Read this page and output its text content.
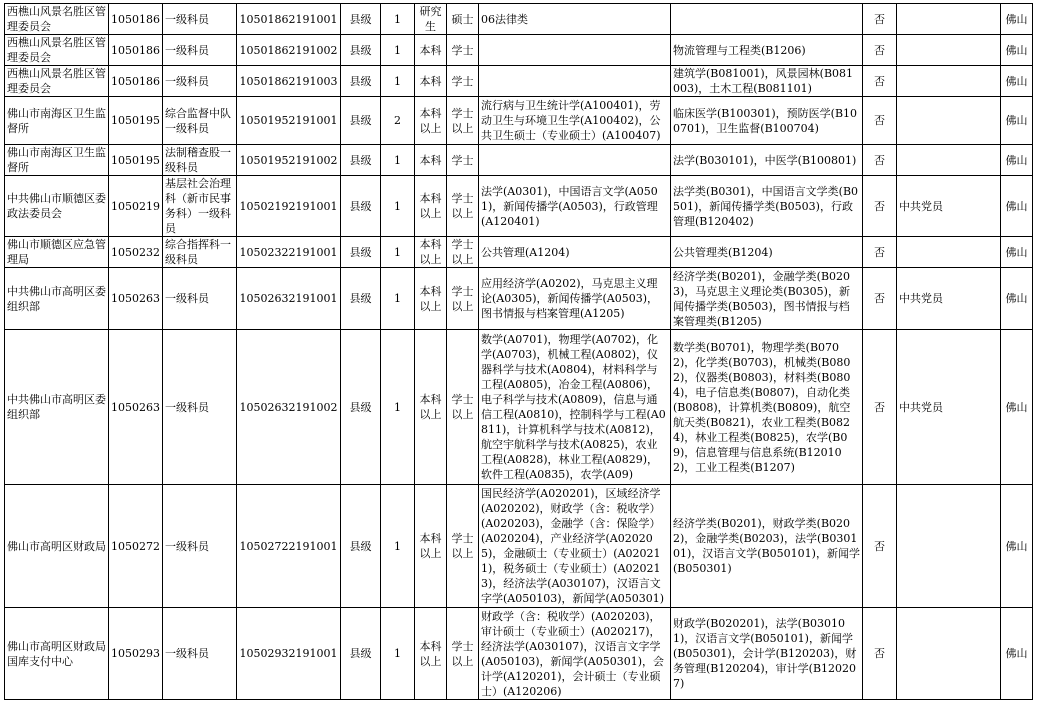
西樵山风景名胜区管理委员会	1050186	一级科员	10501862191001	县级	1	研究生	硕士	06法律类		否		佛山
西樵山风景名胜区管理委员会	1050186	一级科员	10501862191002	县级	1	本科	学士		物流管理与工程类(B1206)	否		佛山
西樵山风景名胜区管理委员会	1050186	一级科员	10501862191003	县级	1	本科	学士		建筑学(B081001)，风景园林(B081003)，土木工程(B081101)	否		佛山
佛山市南海区卫生监督所	1050195	综合监督中队一级科员	10501952191001	县级	2	本科以上	学士以上	流行病与卫生统计学(A100401)，劳动卫生与环境卫生学(A100402)，公共卫生硕士（专业硕士）(A100407)	临床医学(B100301)，预防医学(B100701)，卫生监督(B100704)	否		佛山
佛山市南海区卫生监督所	1050195	法制稽查股一级科员	10501952191002	县级	1	本科	学士		法学(B030101)，中医学(B100801)	否		佛山
中共佛山市顺德区委政法委员会	1050219	基层社会治理科（新市民事务科）一级科员	10502192191001	县级	1	本科以上	学士以上	法学(A0301)，中国语言文学(A0501)，新闻传播学(A0503)，行政管理(A120401)	法学类(B0301)，中国语言文学类(B0501)，新闻传播学类(B0503)，行政管理(B120402)	否	中共党员	佛山
佛山市顺德区应急管理局	1050232	综合指挥科一级科员	10502322191001	县级	1	本科以上	学士以上	公共管理(A1204)	公共管理类(B1204)	否		佛山
中共佛山市高明区委组织部	1050263	一级科员	10502632191001	县级	1	本科以上	学士以上	应用经济学(A0202)，马克思主义理论(A0305)，新闻传播学(A0503)，图书情报与档案管理(A1205)	经济学类(B0201)，金融学类(B0203)，马克思主义理论类(B0305)，新闻传播学类(B0503)，图书情报与档案管理类(B1205)	否	中共党员	佛山
中共佛山市高明区委组织部	1050263	一级科员	10502632191002	县级	1	本科以上	学士以上	数学(A0701)，物理学(A0702)，化学(A0703)，机械工程(A0802)，仪器科学与技术(A0804)，材料科学与工程(A0805)，冶金工程(A0806)，电子科学与技术(A0809)，信息与通信工程(A0810)，控制科学与工程(A0811)，计算机科学与技术(A0812)，航空宇航科学与技术(A0825)，农业工程(A0828)，林业工程(A0829)，软件工程(A0835)，农学(A09)	数学类(B0701)，物理学类(B0702)，化学类(B0703)，机械类(B0802)，仪器类(B0803)，材料类(B0804)，电子信息类(B0807)，自动化类(B0808)，计算机类(B0809)，航空航天类(B0821)，农业工程类(B0824)，林业工程类(B0825)，农学(B09)，信息管理与信息系统(B120102)，工业工程类(B1207)	否	中共党员	佛山
佛山市高明区财政局	1050272	一级科员	10502722191001	县级	1	本科以上	学士以上	国民经济学(A020201)，区域经济学(A020202)，财政学（含：税收学）(A020203)，金融学（含：保险学）(A020204)，产业经济学(A020205)，金融硕士（专业硕士）(A020211)，税务硕士（专业硕士）(A020213)，经济法学(A030107)，汉语言文字学(A050103)，新闻学(A050301)	经济学类(B0201)，财政学类(B0202)，金融学类(B0203)，法学(B030101)，汉语言文学(B050101)，新闻学(B050301)	否		佛山
佛山市高明区财政局国库支付中心	1050293	一级科员	10502932191001	县级	1	本科以上	学士以上	财政学（含：税收学）(A020203)，审计硕士（专业硕士）(A020217)，经济法学(A030107)，汉语言文字学(A050103)，新闻学(A050301)，会计学(A120201)，会计硕士（专业硕士）(A120206)	财政学(B020201)，法学(B030101)，汉语言文学(B050101)，新闻学(B050301)，会计学(B120203)，财务管理(B120204)，审计学(B120207)	否		佛山
